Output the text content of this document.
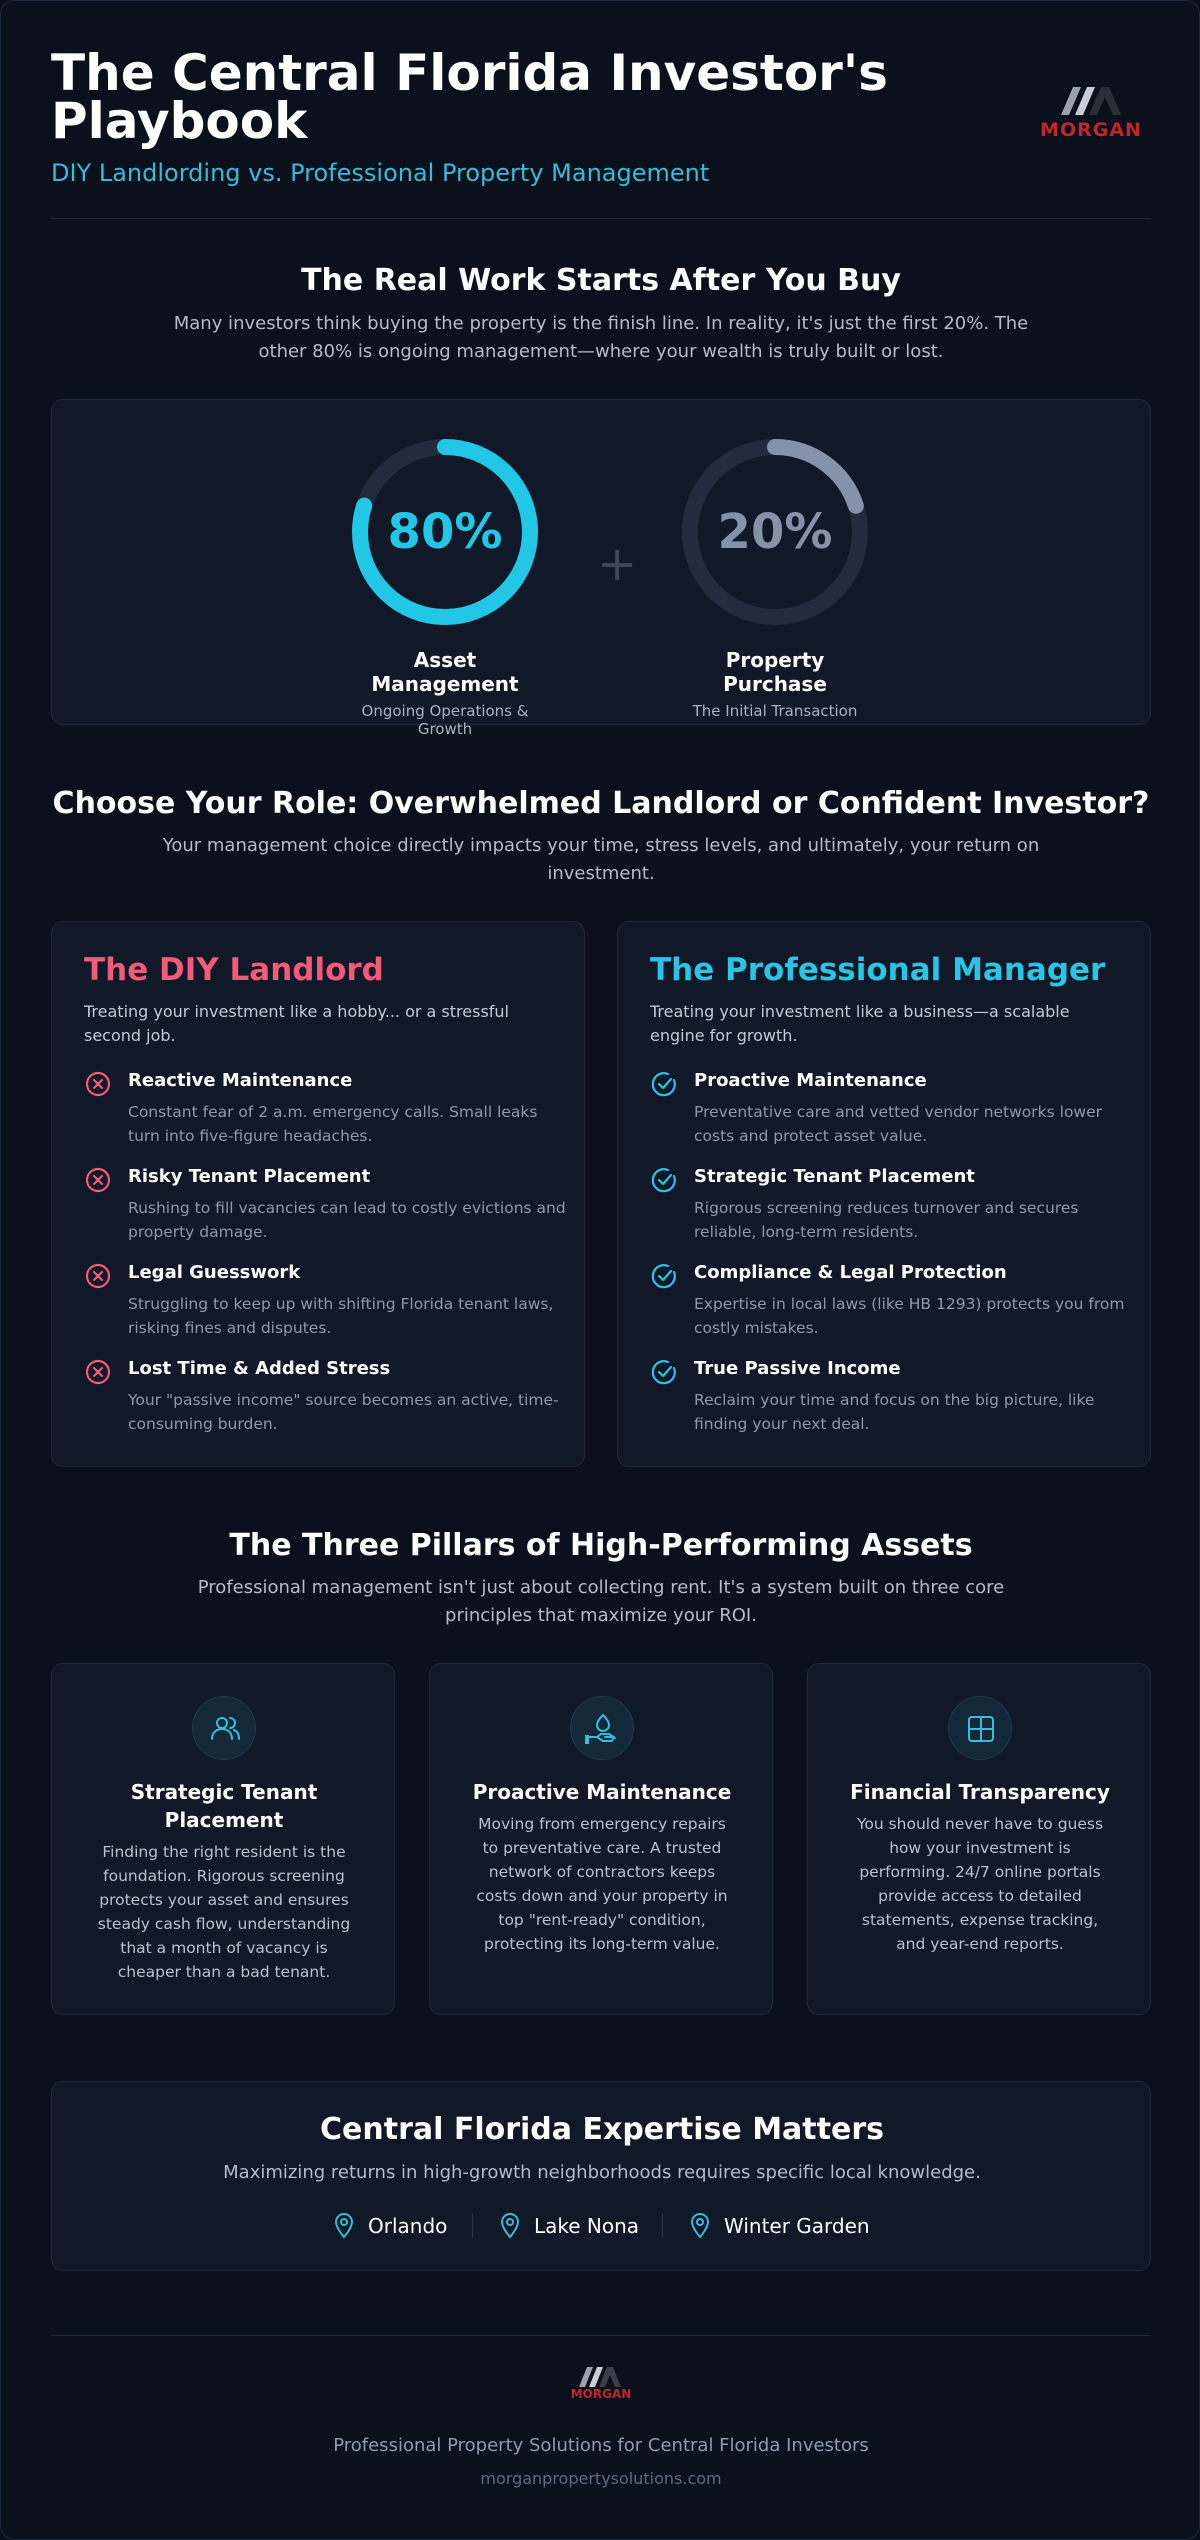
The Central Florida Investor's Playbook
DIY Landlording vs. Professional Property Management
MORGAN
The Real Work Starts After You Buy
Many investors think buying the property is the finish line. In reality, it's just the first 20%. The other 80% is ongoing management—where your wealth is truly built or lost.
80%
Asset Management
Ongoing Operations & Growth
20%
Property Purchase
The Initial Transaction
+
Choose Your Role: Overwhelmed Landlord or Confident Investor?
Your management choice directly impacts your time, stress levels, and ultimately, your return on investment.
The DIY Landlord
Treating your investment like a hobby... or a stressful second job.
Reactive Maintenance
Constant fear of 2 a.m. emergency calls. Small leaks turn into five-figure headaches.
Risky Tenant Placement
Rushing to fill vacancies can lead to costly evictions and property damage.
Legal Guesswork
Struggling to keep up with shifting Florida tenant laws, risking fines and disputes.
Lost Time & Added Stress
Your "passive income" source becomes an active, time-consuming burden.
The Professional Manager
Treating your investment like a business—a scalable engine for growth.
Proactive Maintenance
Preventative care and vetted vendor networks lower costs and protect asset value.
Strategic Tenant Placement
Rigorous screening reduces turnover and secures reliable, long-term residents.
Compliance & Legal Protection
Expertise in local laws (like HB 1293) protects you from costly mistakes.
True Passive Income
Reclaim your time and focus on the big picture, like finding your next deal.
The Three Pillars of High-Performing Assets
Professional management isn't just about collecting rent. It's a system built on three core principles that maximize your ROI.
Strategic Tenant Placement
Finding the right resident is the foundation. Rigorous screening protects your asset and ensures steady cash flow, understanding that a month of vacancy is cheaper than a bad tenant.
Proactive Maintenance
Moving from emergency repairs to preventative care. A trusted network of contractors keeps costs down and your property in top "rent-ready" condition, protecting its long-term value.
Financial Transparency
You should never have to guess how your investment is performing. 24/7 online portals provide access to detailed statements, expense tracking, and year-end reports.
Central Florida Expertise Matters
Maximizing returns in high-growth neighborhoods requires specific local knowledge.
Orlando	Lake Nona	Winter Garden
MORGAN
Professional Property Solutions for Central Florida Investors
morganpropertysolutions.com
